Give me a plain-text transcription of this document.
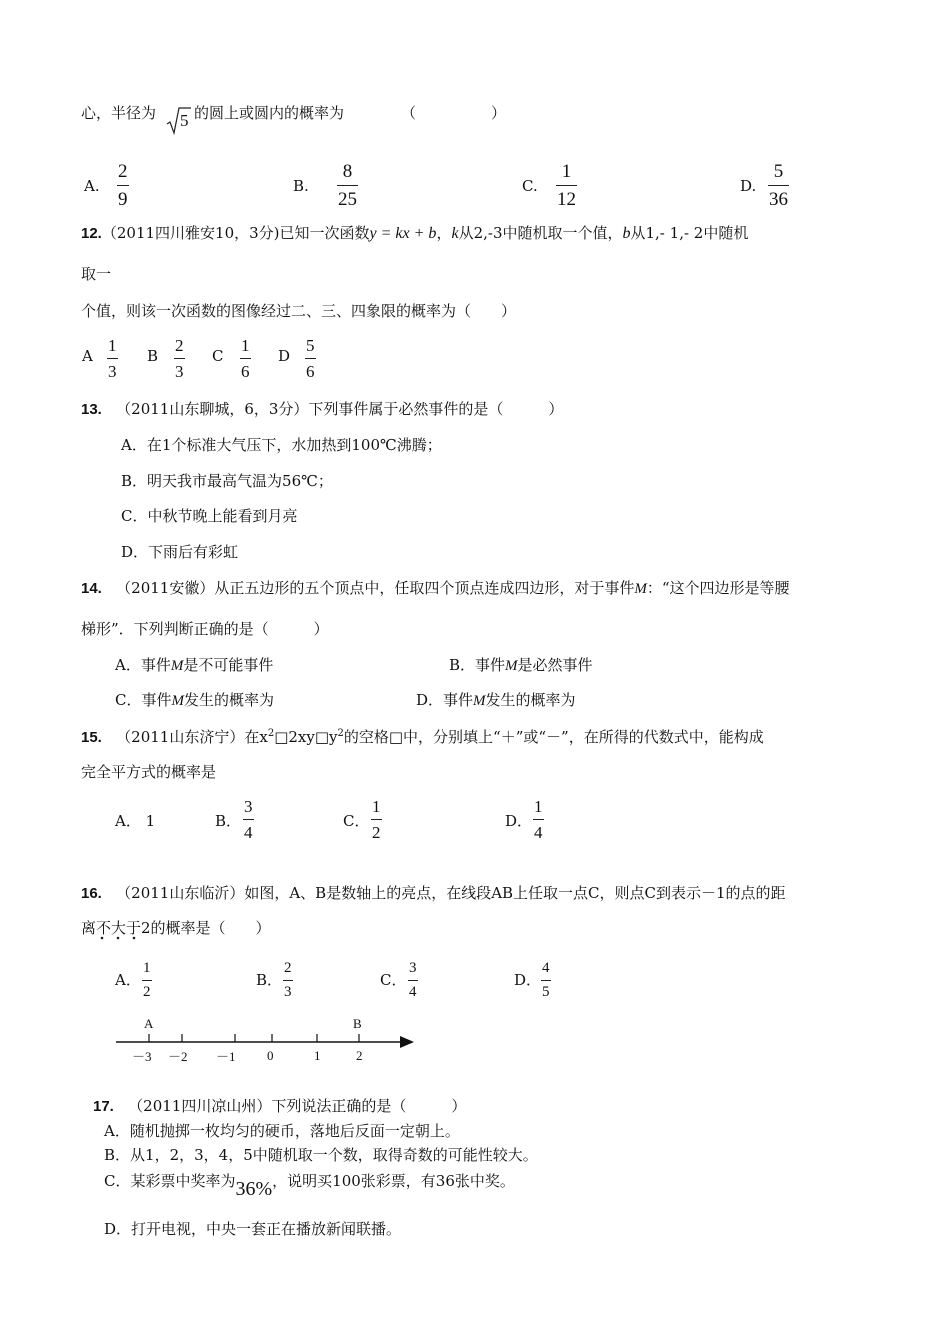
心，半径为 5 的圆上或圆内的概率为	（　　　　　）
A.
2
9
B.
8
25
C.
1
12
D.
5
36
12.（2011四川雅安10，3分)已知一次函数y = kx + b，k从2,-3中随机取一个值，b从1,- 1,- 2中随机
取一
个值，则该一次函数的图像经过二、三、四象限的概率为（　　）
A
1
3
B
2
3
C
1
6
D
5
6
13. （2011山东聊城，6，3分）下列事件属于必然事件的是（　　　）
A．在1个标准大气压下，水加热到100℃沸腾；
B．明天我市最高气温为56℃；
C．中秋节晚上能看到月亮
D．下雨后有彩虹
14. （2011安徽）从正五边形的五个顶点中，任取四个顶点连成四边形，对于事件M：“这个四边形是等腰
梯形”．下列判断正确的是（　　　）
A．事件M是不可能事件	B．事件M是必然事件
C．事件M发生的概率为	D．事件M发生的概率为
15. （2011山东济宁）在$x^2□2xy□y^2$的空格□中，分别填上“＋”或“－”，在所得的代数式中，能构成
完全平方式的概率是
A． 1	B．
3
4
C．
1
2
D．
1
4
16. （2011山东临沂）如图，A、B是数轴上的亮点，在线段AB上任取一点C，则点C到表示－1的点的距
离不大于2的概率是（　　）
A．
1
2
B．
2
3
C．
3
4
D．
4
5
A	B
－3 －2 －1 0	1	2
17. （2011四川凉山州）下列说法正确的是（　　　）
A．随机抛掷一枚均匀的硬币，落地后反面一定朝上。
B．从1，2，3，4，5中随机取一个数，取得奇数的可能性较大。
C．某彩票中奖率为36%，说明买100张彩票，有36张中奖。
D．打开电视，中央一套正在播放新闻联播。
